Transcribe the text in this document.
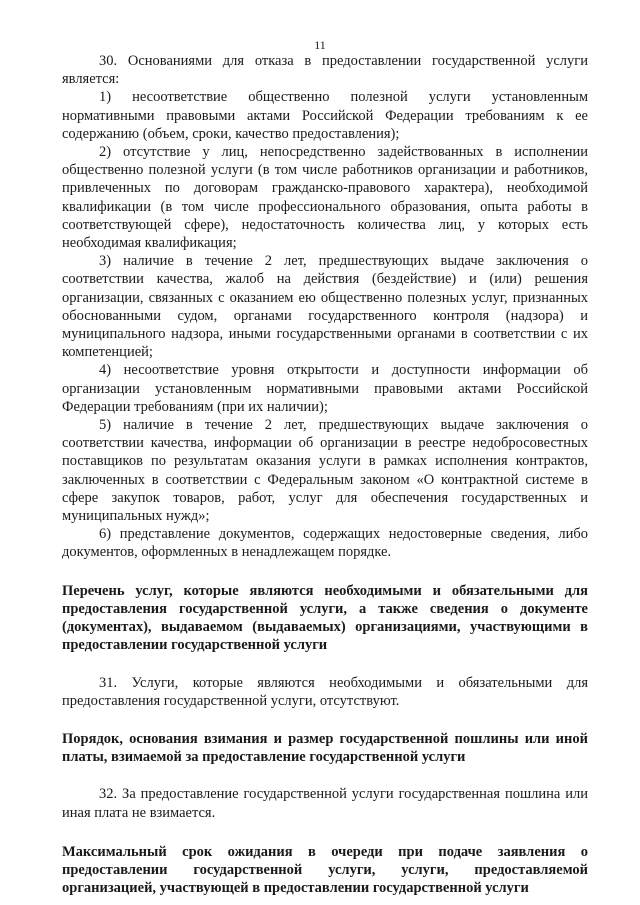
11

30. Основаниями для отказа в предоставлении государственной услуги является:

1) несоответствие общественно полезной услуги установленным нормативными правовыми актами Российской Федерации требованиям к ее содержанию (объем, сроки, качество предоставления);

2) отсутствие у лиц, непосредственно задействованных в исполнении общественно полезной услуги (в том числе работников организации и работников, привлеченных по договорам гражданско-правового характера), необходимой квалификации (в том числе профессионального образования, опыта работы в соответствующей сфере), недостаточность количества лиц, у которых есть необходимая квалификация;

3) наличие в течение 2 лет, предшествующих выдаче заключения о соответствии качества, жалоб на действия (бездействие) и (или) решения организации, связанных с оказанием ею общественно полезных услуг, признанных обоснованными судом, органами государственного контроля (надзора) и муниципального надзора, иными государственными органами в соответствии с их компетенцией;

4) несоответствие уровня открытости и доступности информации об организации установленным нормативными правовыми актами Российской Федерации требованиям (при их наличии);

5) наличие в течение 2 лет, предшествующих выдаче заключения о соответствии качества, информации об организации в реестре недобросовестных поставщиков по результатам оказания услуги в рамках исполнения контрактов, заключенных в соответствии с Федеральным законом «О контрактной системе в сфере закупок товаров, работ, услуг для обеспечения государственных и муниципальных нужд»;

6) представление документов, содержащих недостоверные сведения, либо документов, оформленных в ненадлежащем порядке.

Перечень услуг, которые являются необходимыми и обязательными для предоставления государственной услуги, а также сведения о документе (документах), выдаваемом (выдаваемых) организациями, участвующими в предоставлении государственной услуги

31. Услуги, которые являются необходимыми и обязательными для предоставления государственной услуги, отсутствуют.

Порядок, основания взимания и размер государственной пошлины или иной платы, взимаемой за предоставление государственной услуги

32. За предоставление государственной услуги государственная пошлина или иная плата не взимается.

Максимальный срок ожидания в очереди при подаче заявления о предоставлении государственной услуги, услуги, предоставляемой организацией, участвующей в предоставлении государственной услуги
